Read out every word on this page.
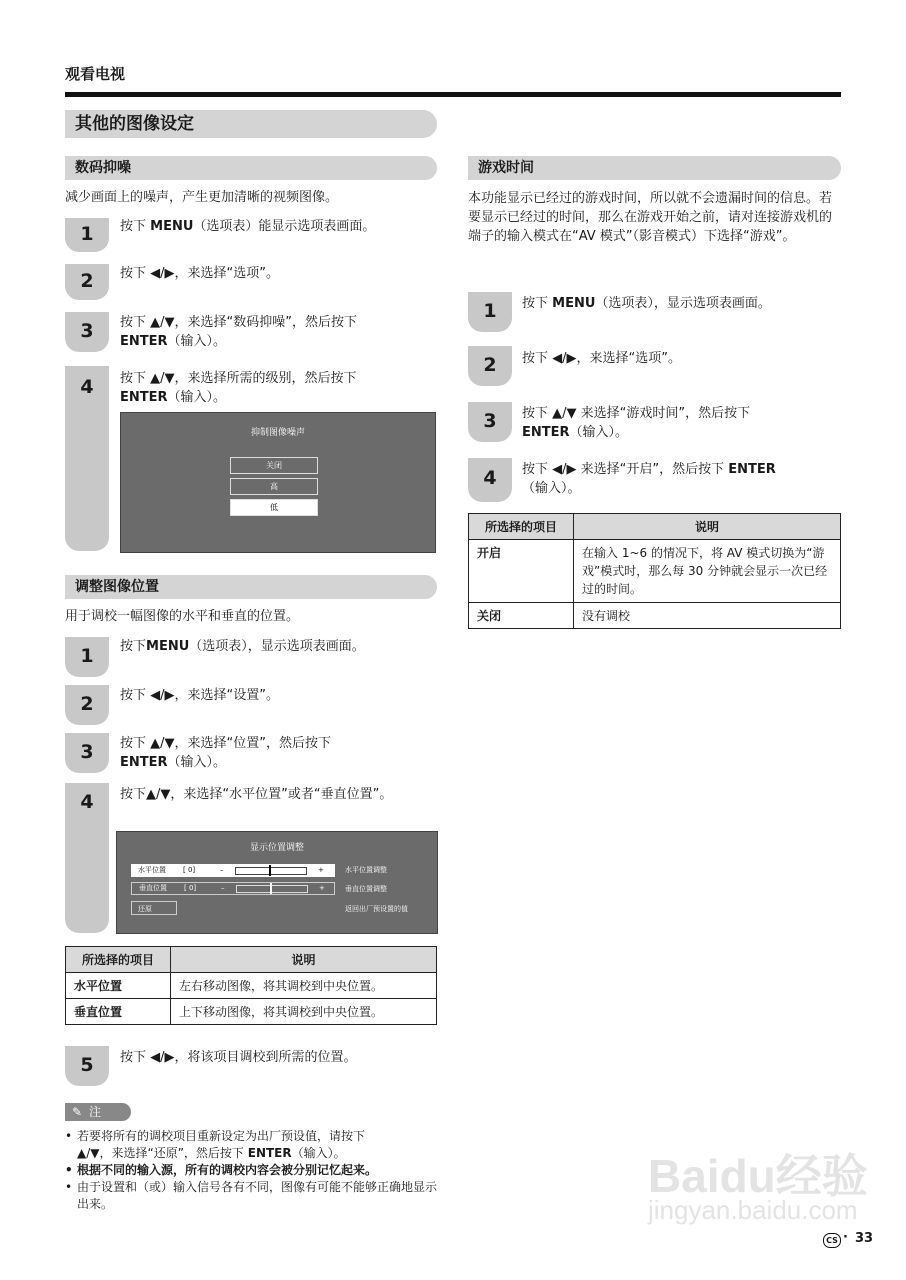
观看电视
其他的图像设定
数码抑噪
减少画面上的噪声，产生更加清晰的视频图像。
1	按下 MENU（选项表）能显示选项表画面。
2	按下 ◀/▶，来选择“选项”。
3	按下 ▲/▼，来选择“数码抑噪”，然后按下
ENTER（输入）。
4	按下 ▲/▼，来选择所需的级别，然后按下
ENTER（输入）。
抑制图像噪声
关闭
高
低
调整图像位置
用于调校一幅图像的水平和垂直的位置。
1	按下MENU（选项表），显示选项表画面。
2	按下 ◀/▶，来选择“设置”。
3	按下 ▲/▼，来选择“位置”，然后按下
ENTER（输入）。
4	按下▲/▼，来选择“水平位置”或者“垂直位置”。
显示位置调整
水平位置 [ 0]	–	+	水平位置调整
垂直位置 [ 0]	–	+	垂直位置调整
还原	返回出厂预设置的值
所选择的项目	说明
水平位置	左右移动图像，将其调校到中央位置。
垂直位置	上下移动图像，将其调校到中央位置。
5	按下 ◀/▶，将该项目调校到所需的位置。
✎ 注
• 若要将所有的调校项目重新设定为出厂预设值，请按下
▲/▼，来选择“还原”，然后按下 ENTER（输入）。
• 根据不同的输入源，所有的调校内容会被分别记忆起来。
• 由于设置和（或）输入信号各有不同，图像有可能不能够正确地显示出来。
游戏时间
本功能显示已经过的游戏时间，所以就不会遗漏时间的信息。若要显示已经过的时间，那么在游戏开始之前，请对连接游戏机的端子的输入模式在“AV 模式”（影音模式）下选择“游戏”。
1	按下 MENU（选项表），显示选项表画面。
2	按下 ◀/▶，来选择“选项”。
3	按下 ▲/▼ 来选择“游戏时间”，然后按下
ENTER（输入）。
4	按下 ◀/▶ 来选择“开启”，然后按下 ENTER
（输入）。
所选择的项目	说明
开启	在输入 1~6 的情况下，将 AV 模式切换为“游戏”模式时，那么每 30 分钟就会显示一次已经过的时间。
关闭	没有调校
Baidu经验
jingyan.baidu.com
CS · 33
